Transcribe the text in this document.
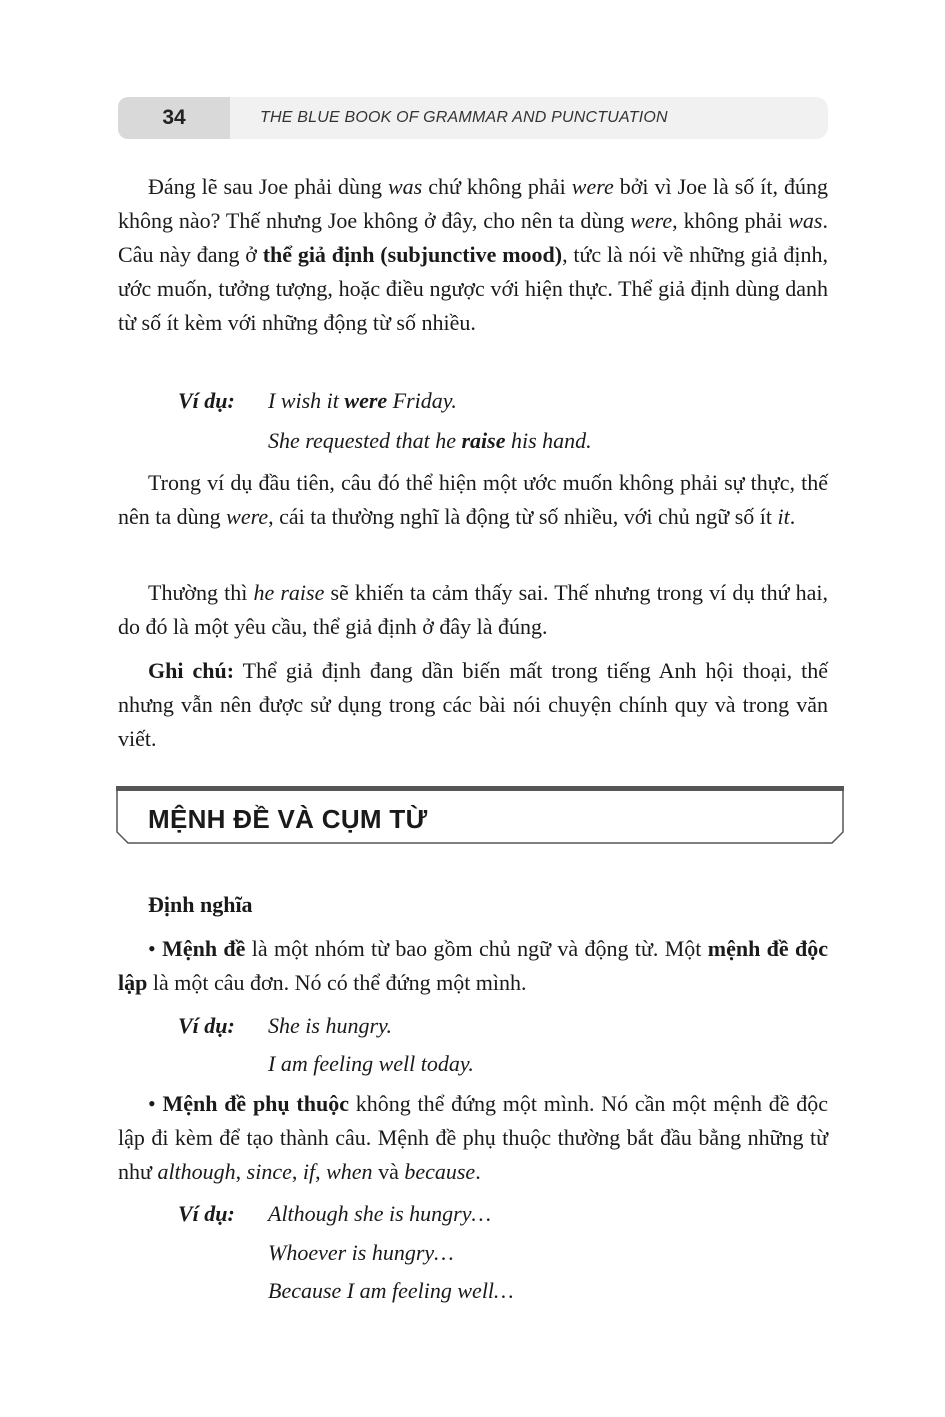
34	THE BLUE BOOK OF GRAMMAR AND PUNCTUATION

Đáng lẽ sau Joe phải dùng was chứ không phải were bởi vì Joe là số ít, đúng không nào? Thế nhưng Joe không ở đây, cho nên ta dùng were, không phải was. Câu này đang ở thể giả định (subjunctive mood), tức là nói về những giả định, ước muốn, tưởng tượng, hoặc điều ngược với hiện thực. Thể giả định dùng danh từ số ít kèm với những động từ số nhiều.

Ví dụ: I wish it were Friday.
She requested that he raise his hand.

Trong ví dụ đầu tiên, câu đó thể hiện một ước muốn không phải sự thực, thế nên ta dùng were, cái ta thường nghĩ là động từ số nhiều, với chủ ngữ số ít it.

Thường thì he raise sẽ khiến ta cảm thấy sai. Thế nhưng trong ví dụ thứ hai, do đó là một yêu cầu, thể giả định ở đây là đúng.

Ghi chú: Thể giả định đang dần biến mất trong tiếng Anh hội thoại, thế nhưng vẫn nên được sử dụng trong các bài nói chuyện chính quy và trong văn viết.

MỆNH ĐỀ VÀ CỤM TỪ
Định nghĩa

• Mệnh đề là một nhóm từ bao gồm chủ ngữ và động từ. Một mệnh đề độc lập là một câu đơn. Nó có thể đứng một mình.

Ví dụ: She is hungry.
I am feeling well today.

• Mệnh đề phụ thuộc không thể đứng một mình. Nó cần một mệnh đề độc lập đi kèm để tạo thành câu. Mệnh đề phụ thuộc thường bắt đầu bằng những từ như although, since, if, when và because.

Ví dụ: Although she is hungry…
Whoever is hungry…
Because I am feeling well…
